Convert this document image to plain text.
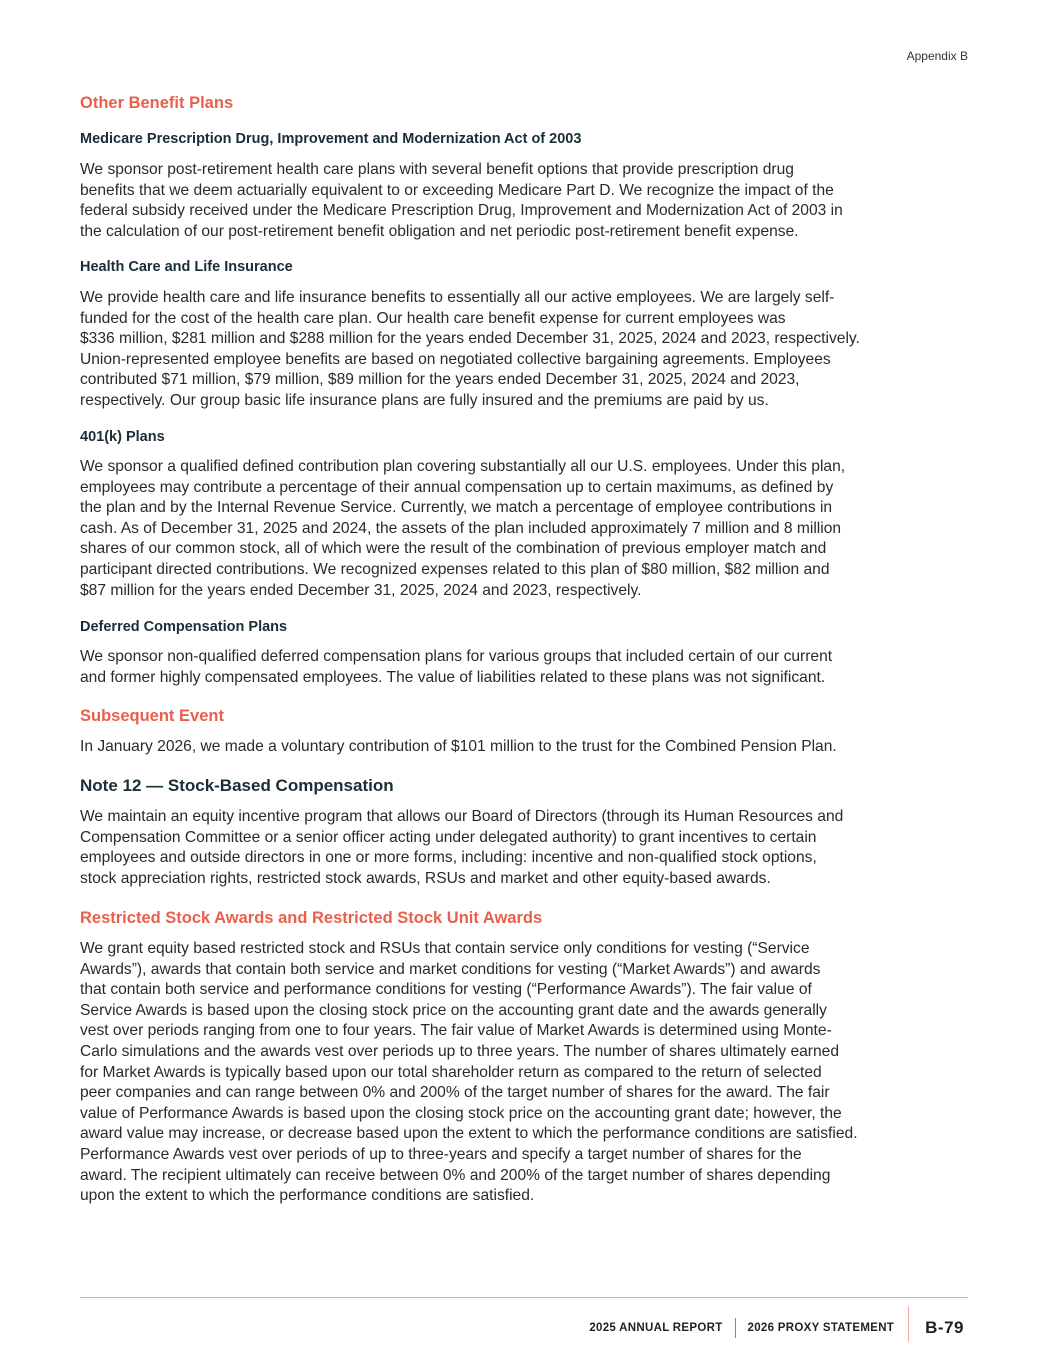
Appendix B
Other Benefit Plans
Medicare Prescription Drug, Improvement and Modernization Act of 2003
We sponsor post-retirement health care plans with several benefit options that provide prescription drug
benefits that we deem actuarially equivalent to or exceeding Medicare Part D. We recognize the impact of the
federal subsidy received under the Medicare Prescription Drug, Improvement and Modernization Act of 2003 in
the calculation of our post-retirement benefit obligation and net periodic post-retirement benefit expense.
Health Care and Life Insurance
We provide health care and life insurance benefits to essentially all our active employees. We are largely self-
funded for the cost of the health care plan. Our health care benefit expense for current employees was
$336 million, $281 million and $288 million for the years ended December 31, 2025, 2024 and 2023, respectively.
Union-represented employee benefits are based on negotiated collective bargaining agreements. Employees
contributed $71 million, $79 million, $89 million for the years ended December 31, 2025, 2024 and 2023,
respectively. Our group basic life insurance plans are fully insured and the premiums are paid by us.
401(k) Plans
We sponsor a qualified defined contribution plan covering substantially all our U.S. employees. Under this plan,
employees may contribute a percentage of their annual compensation up to certain maximums, as defined by
the plan and by the Internal Revenue Service. Currently, we match a percentage of employee contributions in
cash. As of December 31, 2025 and 2024, the assets of the plan included approximately 7 million and 8 million
shares of our common stock, all of which were the result of the combination of previous employer match and
participant directed contributions. We recognized expenses related to this plan of $80 million, $82 million and
$87 million for the years ended December 31, 2025, 2024 and 2023, respectively.
Deferred Compensation Plans
We sponsor non-qualified deferred compensation plans for various groups that included certain of our current
and former highly compensated employees. The value of liabilities related to these plans was not significant.
Subsequent Event
In January 2026, we made a voluntary contribution of $101 million to the trust for the Combined Pension Plan.
Note 12 — Stock-Based Compensation
We maintain an equity incentive program that allows our Board of Directors (through its Human Resources and
Compensation Committee or a senior officer acting under delegated authority) to grant incentives to certain
employees and outside directors in one or more forms, including: incentive and non-qualified stock options,
stock appreciation rights, restricted stock awards, RSUs and market and other equity-based awards.
Restricted Stock Awards and Restricted Stock Unit Awards
We grant equity based restricted stock and RSUs that contain service only conditions for vesting (“Service
Awards”), awards that contain both service and market conditions for vesting (“Market Awards”) and awards
that contain both service and performance conditions for vesting (“Performance Awards”). The fair value of
Service Awards is based upon the closing stock price on the accounting grant date and the awards generally
vest over periods ranging from one to four years. The fair value of Market Awards is determined using Monte-
Carlo simulations and the awards vest over periods up to three years. The number of shares ultimately earned
for Market Awards is typically based upon our total shareholder return as compared to the return of selected
peer companies and can range between 0% and 200% of the target number of shares for the award. The fair
value of Performance Awards is based upon the closing stock price on the accounting grant date; however, the
award value may increase, or decrease based upon the extent to which the performance conditions are satisfied.
Performance Awards vest over periods of up to three-years and specify a target number of shares for the
award. The recipient ultimately can receive between 0% and 200% of the target number of shares depending
upon the extent to which the performance conditions are satisfied.
2025 ANNUAL REPORT 2026 PROXY STATEMENT B-79
